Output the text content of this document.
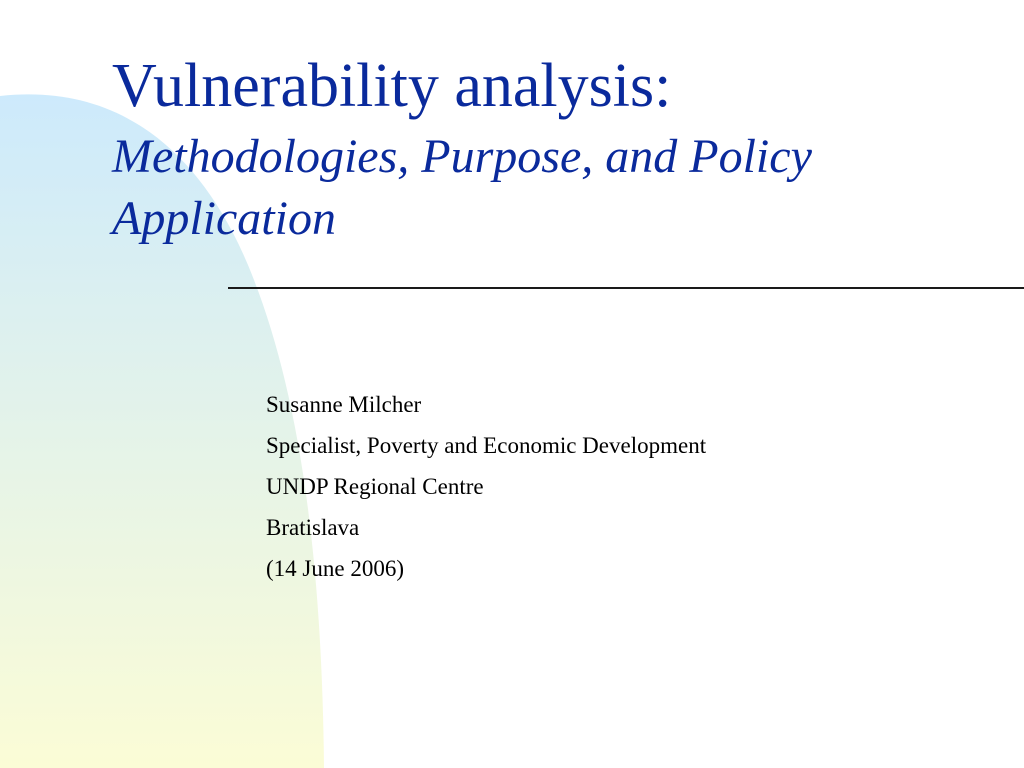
Vulnerability analysis:
Methodologies, Purpose, and Policy Application
Susanne Milcher
Specialist, Poverty and Economic Development
UNDP Regional Centre
Bratislava
(14 June 2006)
